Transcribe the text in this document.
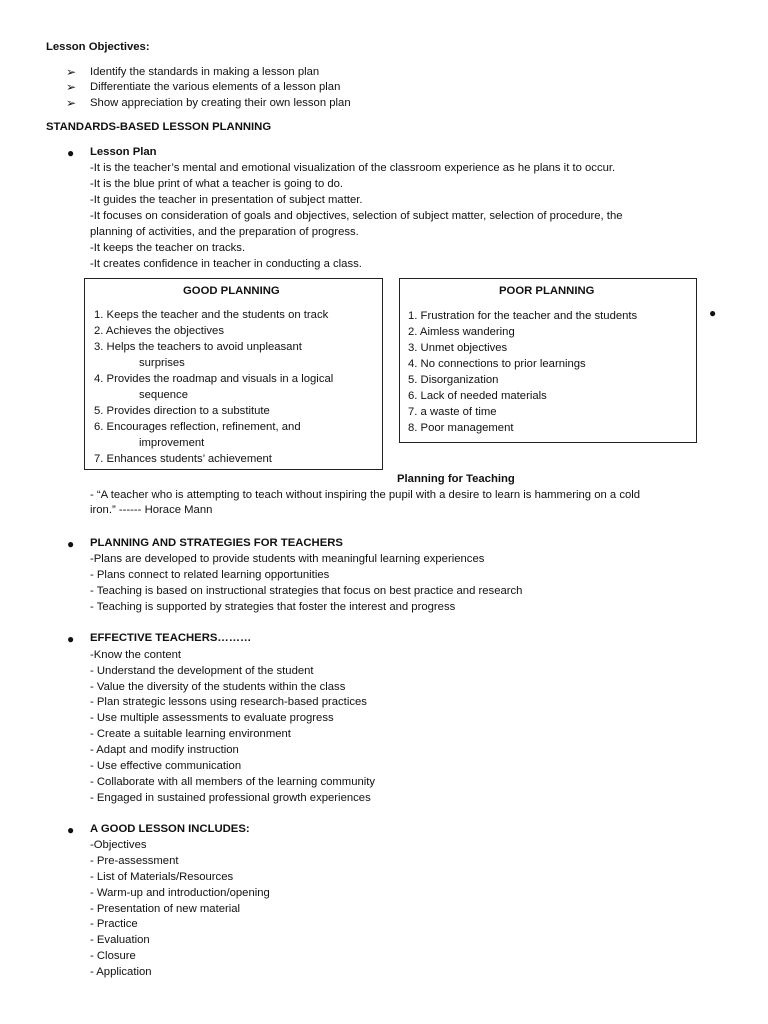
Lesson Objectives:
➢ Identify the standards in making a lesson plan
➢ Differentiate the various elements of a lesson plan
➢ Show appreciation by creating their own lesson plan
STANDARDS-BASED LESSON PLANNING
● Lesson Plan
-It is the teacher’s mental and emotional visualization of the classroom experience as he plans it to occur.
-It is the blue print of what a teacher is going to do.
-It guides the teacher in presentation of subject matter.
-It focuses on consideration of goals and objectives, selection of subject matter, selection of procedure, the
planning of activities, and the preparation of progress.
-It keeps the teacher on tracks.
-It creates confidence in teacher in conducting a class.
GOOD PLANNING
1. Keeps the teacher and the students on track
2. Achieves the objectives
3. Helps the teachers to avoid unpleasant
surprises
4. Provides the roadmap and visuals in a logical
sequence
5. Provides direction to a substitute
6. Encourages reflection, refinement, and
improvement
7. Enhances students’ achievement
POOR PLANNING
1. Frustration for the teacher and the students
2. Aimless wandering
3. Unmet objectives
4. No connections to prior learnings
5. Disorganization
6. Lack of needed materials
7. a waste of time
8. Poor management
●
Planning for Teaching
- “A teacher who is attempting to teach without inspiring the pupil with a desire to learn is hammering on a cold
iron.” ------ Horace Mann
● PLANNING AND STRATEGIES FOR TEACHERS
-Plans are developed to provide students with meaningful learning experiences
- Plans connect to related learning opportunities
- Teaching is based on instructional strategies that focus on best practice and research
- Teaching is supported by strategies that foster the interest and progress
● EFFECTIVE TEACHERS………
-Know the content
- Understand the development of the student
- Value the diversity of the students within the class
- Plan strategic lessons using research-based practices
- Use multiple assessments to evaluate progress
- Create a suitable learning environment
- Adapt and modify instruction
- Use effective communication
- Collaborate with all members of the learning community
- Engaged in sustained professional growth experiences
● A GOOD LESSON INCLUDES:
-Objectives
- Pre-assessment
- List of Materials/Resources
- Warm-up and introduction/opening
- Presentation of new material
- Practice
- Evaluation
- Closure
- Application
